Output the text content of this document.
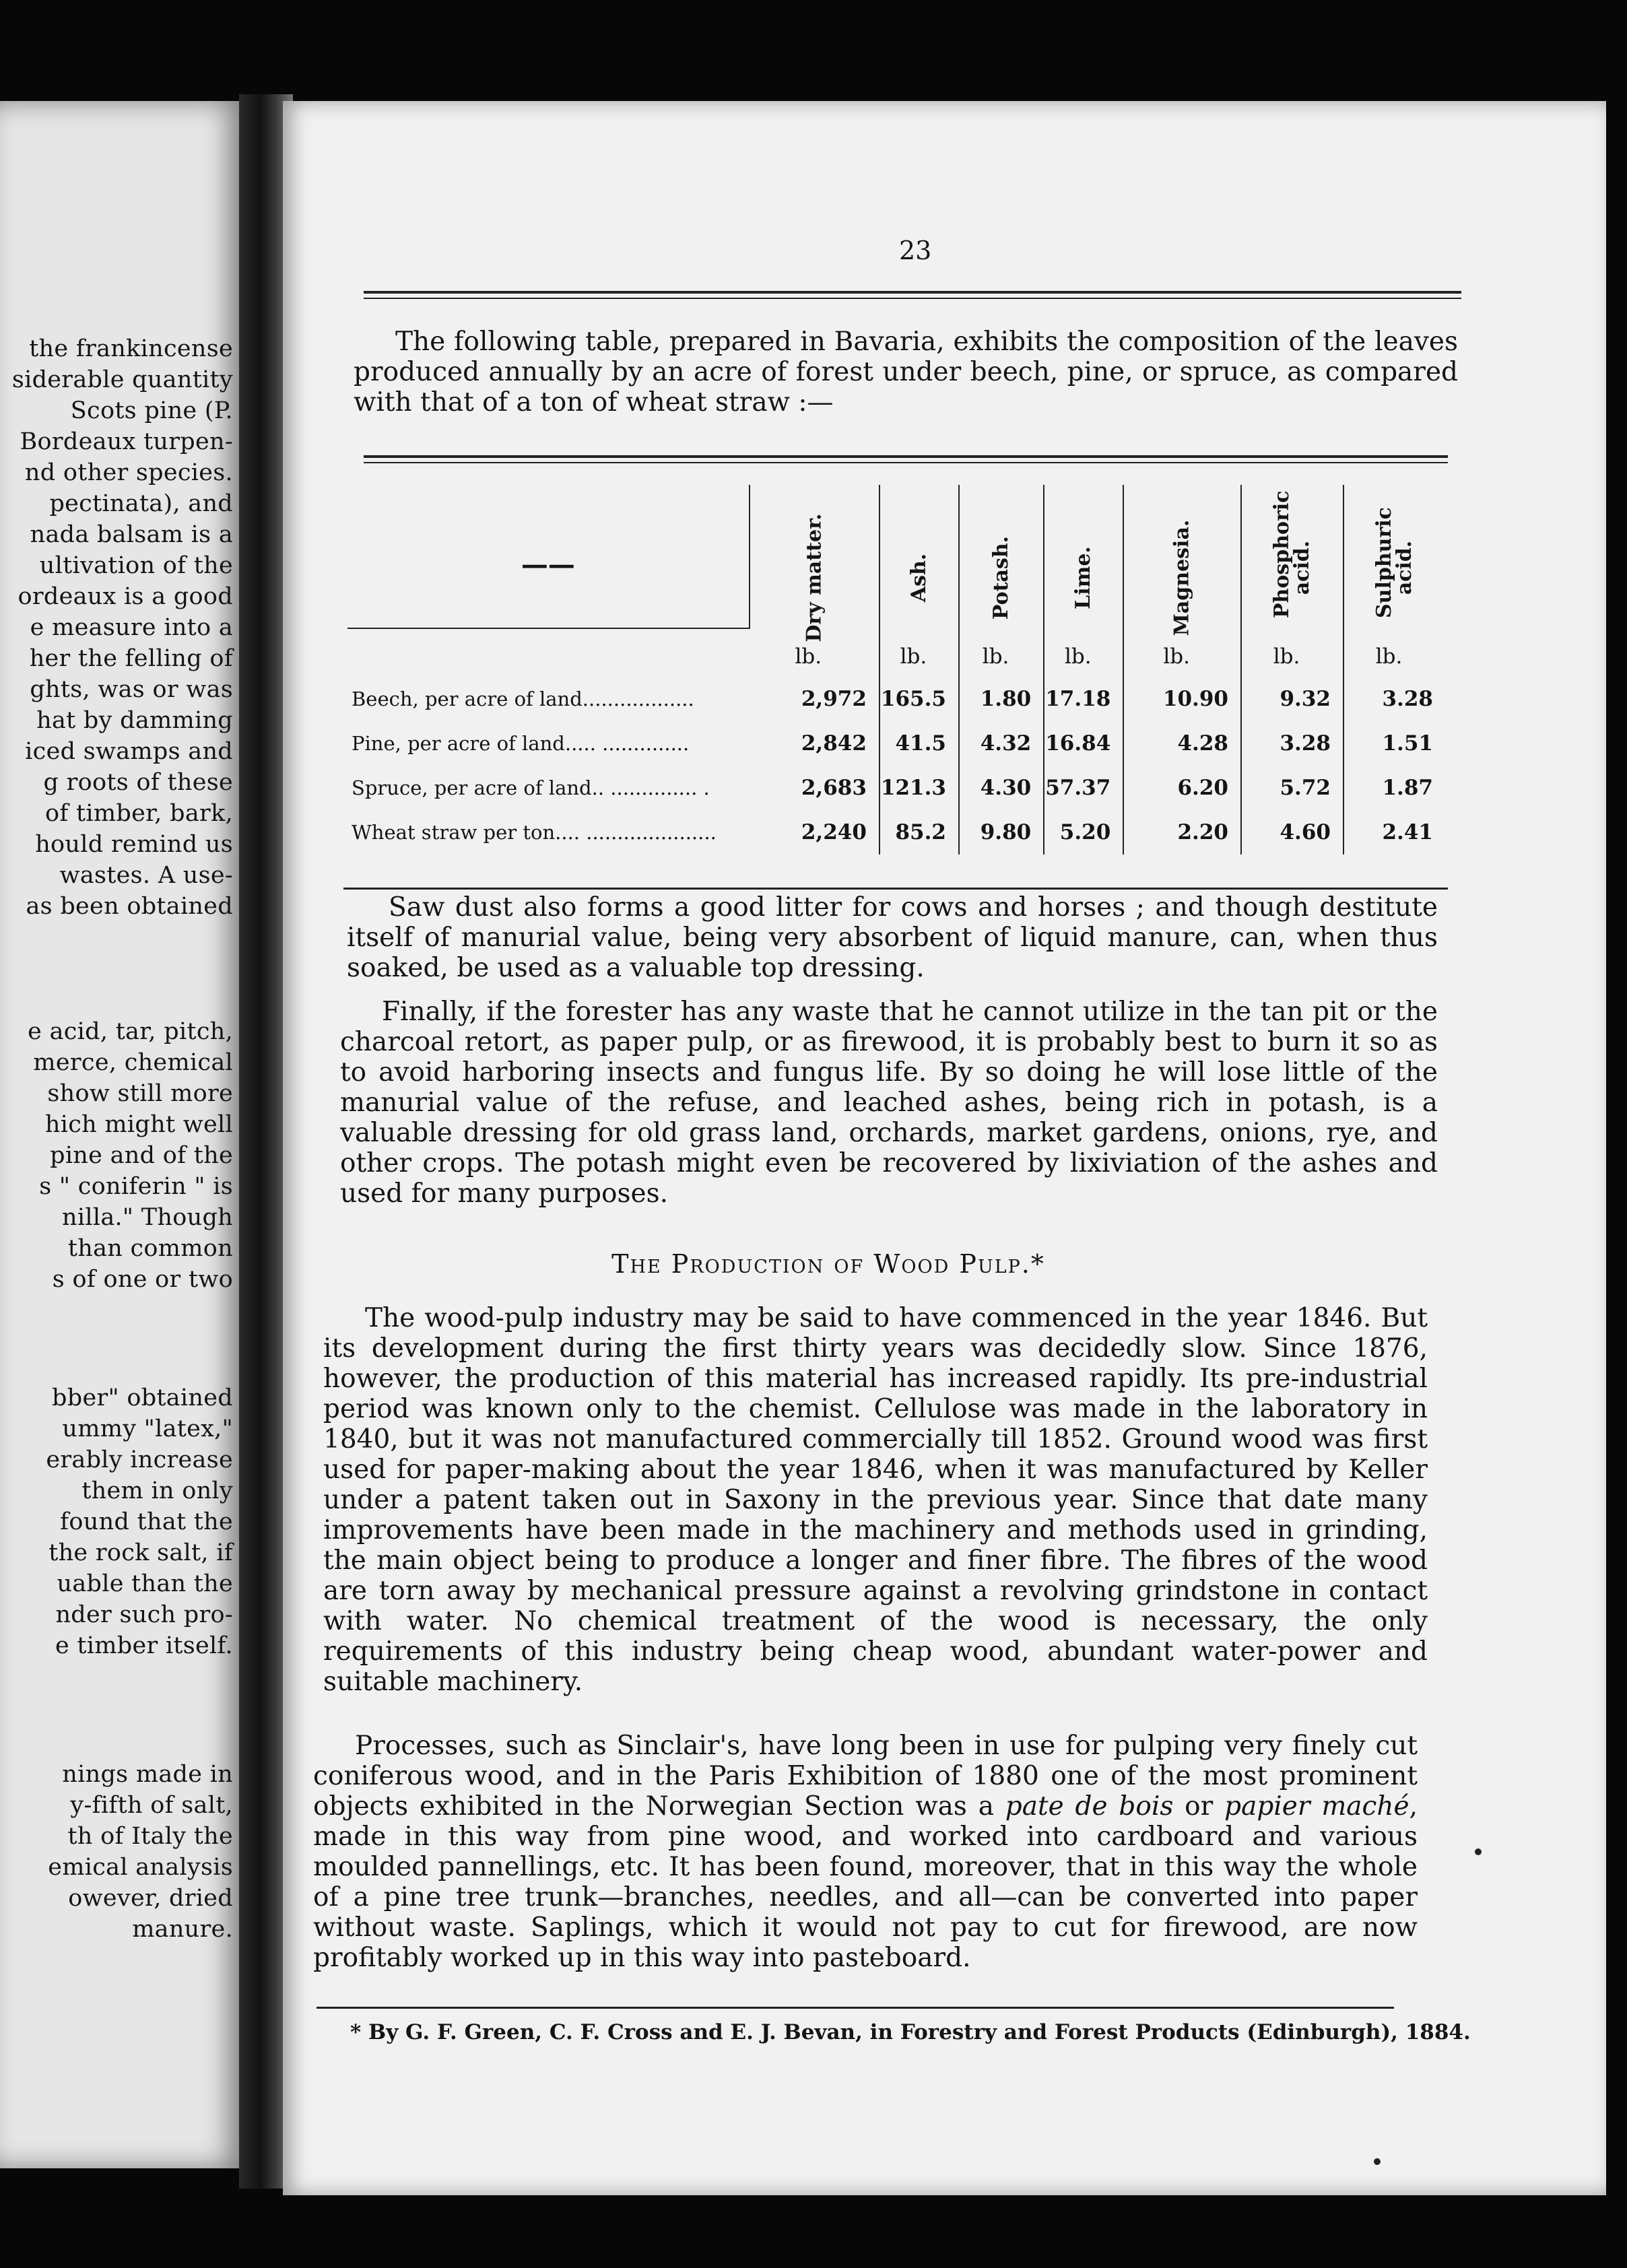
the frankincense
siderable quantity
Scots pine (P.
Bordeaux turpen-
nd other species.
pectinata), and
nada balsam is a
ultivation of the
ordeaux is a good
e measure into a
her the felling of
ghts, was or was
hat by damming
iced swamps and
g roots of these
of timber, bark,
hould remind us
wastes. A use-
as been obtained
e acid, tar, pitch,
merce, chemical
show still more
hich might well
pine and of the
s " coniferin " is
nilla." Though
than common
s of one or two
bber" obtained
ummy "latex,"
erably increase
them in only
found that the
the rock salt, if
uable than the
nder such pro-
e timber itself.
nings made in
y-fifth of salt,
th of Italy the
emical analysis
owever, dried
manure.
23

The following table, prepared in Bavaria, exhibits the composition of the leaves produced annually by an acre of forest under beech, pine, or spruce, as compared with that of a ton of wheat straw :—

——	Dry matter.	Ash.	Potash.	Lime.	Magnesia.	Phosphoric acid.	Sulphuric acid.
	lb.	lb.	lb.	lb.	lb.	lb.	lb.
Beech, per acre of land..................	2,972	165.5	1.80	17.18	10.90	9.32	3.28
Pine, per acre of land..... ..............	2,842	41.5	4.32	16.84	4.28	3.28	1.51
Spruce, per acre of land.. .............. .	2,683	121.3	4.30	57.37	6.20	5.72	1.87
Wheat straw per ton.... .....................	2,240	85.2	9.80	5.20	2.20	4.60	2.41

Saw dust also forms a good litter for cows and horses ; and though destitute itself of manurial value, being very absorbent of liquid manure, can, when thus soaked, be used as a valuable top dressing.

Finally, if the forester has any waste that he cannot utilize in the tan pit or the charcoal retort, as paper pulp, or as firewood, it is probably best to burn it so as to avoid harboring insects and fungus life. By so doing he will lose little of the manurial value of the refuse, and leached ashes, being rich in potash, is a valuable dressing for old grass land, orchards, market gardens, onions, rye, and other crops. The potash might even be recovered by lixiviation of the ashes and used for many purposes.

The Production of Wood Pulp.*

The wood-pulp industry may be said to have commenced in the year 1846. But its development during the first thirty years was decidedly slow. Since 1876, however, the production of this material has increased rapidly. Its pre-industrial period was known only to the chemist. Cellulose was made in the laboratory in 1840, but it was not manufactured commercially till 1852. Ground wood was first used for paper-making about the year 1846, when it was manufactured by Keller under a patent taken out in Saxony in the previous year. Since that date many improvements have been made in the machinery and methods used in grinding, the main object being to produce a longer and finer fibre. The fibres of the wood are torn away by mechanical pressure against a revolving grindstone in contact with water. No chemical treatment of the wood is necessary, the only requirements of this industry being cheap wood, abundant water-power and suitable machinery.

Processes, such as Sinclair's, have long been in use for pulping very finely cut coniferous wood, and in the Paris Exhibition of 1880 one of the most prominent objects exhibited in the Norwegian Section was a pate de bois or papier maché, made in this way from pine wood, and worked into cardboard and various moulded pannellings, etc. It has been found, moreover, that in this way the whole of a pine tree trunk—branches, needles, and all—can be converted into paper without waste. Saplings, which it would not pay to cut for firewood, are now profitably worked up in this way into pasteboard.

* By G. F. Green, C. F. Cross and E. J. Bevan, in Forestry and Forest Products (Edinburgh), 1884.
